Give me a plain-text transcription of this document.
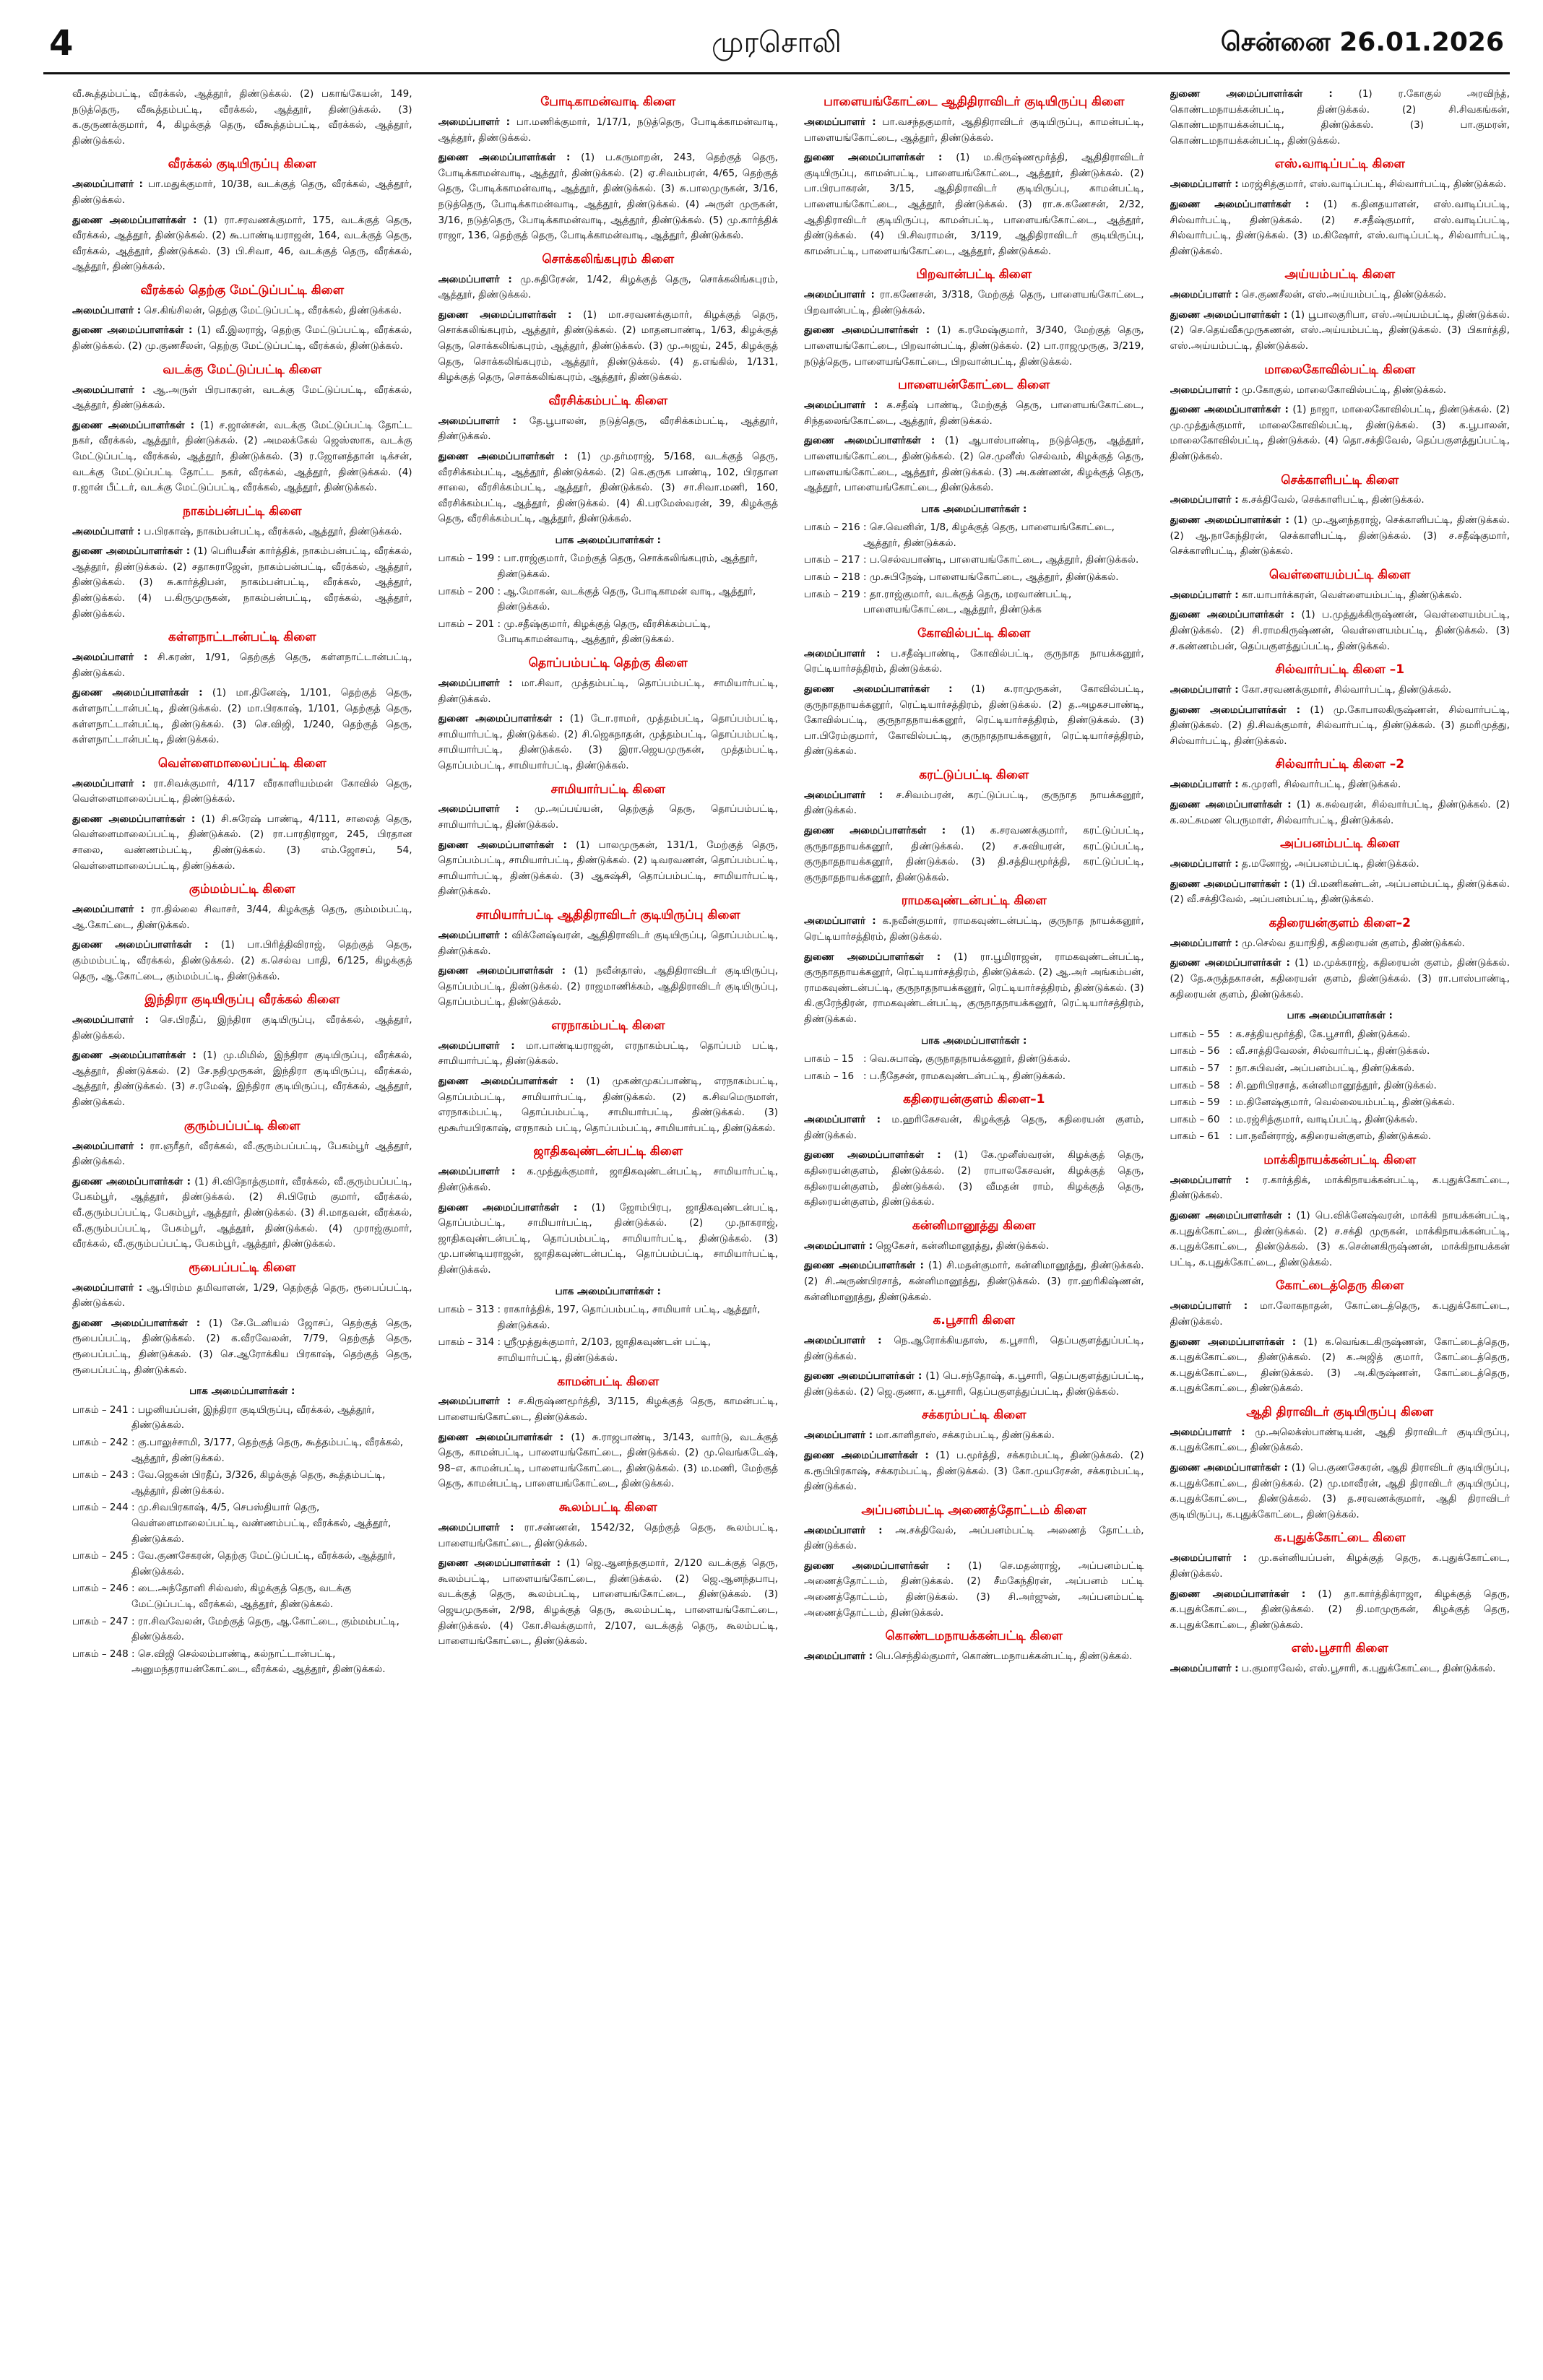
4	முரசொலி	சென்னை 26.01.2026

வீ.கூத்தம்பட்டி, வீரக்கல், ஆத்தூர், திண்டுக்கல். (2) பகாங்கேயன், 149, நடுத்தெரு, வீகூத்தம்பட்டி, வீரக்கல், ஆத்தூர், திண்டுக்கல். (3) க.குருணக்குமார், 4, கிழக்குத் தெரு, வீகூத்தம்பட்டி, வீரக்கல், ஆத்தூர், திண்டுக்கல்.

வீரக்கல் குடியிருப்பு கிளை

அமைப்பாளர் : பா.மதுக்குமார், 10/38, வடக்குத் தெரு, வீரக்கல், ஆத்தூர், திண்டுக்கல்.

துணை அமைப்பாளர்கள் : (1) ரா.சரவணக்குமார், 175, வடக்குத் தெரு, வீரக்கல், ஆத்தூர், திண்டுக்கல். (2) கூ.பாண்டியராஜன், 164, வடக்குத் தெரு, வீரக்கல், ஆத்தூர், திண்டுக்கல். (3) பி.சிவா, 46, வடக்குத் தெரு, வீரக்கல், ஆத்தூர், திண்டுக்கல்.

வீரக்கல் தெற்கு மேட்டுப்பட்டி கிளை

அமைப்பாளர் : செ.கிங்சிலன், தெற்கு மேட்டுப்பட்டி, வீரக்கல், திண்டுக்கல்.

துணை அமைப்பாளர்கள் : (1) வீ.இலராஜ், தெற்கு மேட்டுப்பட்டி, வீரக்கல், திண்டுக்கல். (2) மு.குணசீலன், தெற்கு மேட்டுப்பட்டி, வீரக்கல், திண்டுக்கல்.

வடக்கு மேட்டுப்பட்டி கிளை

அமைப்பாளர் : ஆ.அருள் பிரபாகரன், வடக்கு மேட்டுப்பட்டி, வீரக்கல், ஆத்தூர், திண்டுக்கல்.

துணை அமைப்பாளர்கள் : (1) ச.ஜான்சன், வடக்கு மேட்டுப்பட்டி தோட்ட நகர், வீரக்கல், ஆத்தூர், திண்டுக்கல். (2) அமலக்கேல் ஜெஸ்ஸாக, வடக்கு மேட்டுப்பட்டி, வீரக்கல், ஆத்தூர், திண்டுக்கல். (3) ர.ஜோனத்தான் டிக்சன், வடக்கு மேட்டுப்பட்டி தோட்ட நகர், வீரக்கல், ஆத்தூர், திண்டுக்கல். (4) ர.ஜான் பீட்டர், வடக்கு மேட்டுப்பட்டி, வீரக்கல், ஆத்தூர், திண்டுக்கல்.

நாகம்பன்பட்டி கிளை

அமைப்பாளர் : ப.பிரகாஷ், நாகம்பன்பட்டி, வீரக்கல், ஆத்தூர், திண்டுக்கல்.

துணை அமைப்பாளர்கள் : (1) பெரியசீன் கார்த்திக், நாகம்பன்பட்டி, வீரக்கல், ஆத்தூர், திண்டுக்கல். (2) சதாசுராஜேன், நாகம்பன்பட்டி, வீரக்கல், ஆத்தூர், திண்டுக்கல். (3) சு.கார்த்திபன், நாகம்பன்பட்டி, வீரக்கல், ஆத்தூர், திண்டுக்கல். (4) ப.கிருமுருகன், நாகம்பன்பட்டி, வீரக்கல், ஆத்தூர், திண்டுக்கல்.

கள்ளநாட்டான்பட்டி கிளை

அமைப்பாளர் : சி.கரண், 1/91, தெற்குத் தெரு, கள்ளநாட்டான்பட்டி, திண்டுக்கல்.

துணை அமைப்பாளர்கள் : (1) மா.தினேஷ், 1/101, தெற்குத் தெரு, கள்ளநாட்டான்பட்டி, திண்டுக்கல். (2) மா.பிரகாஷ், 1/101, தெற்குத் தெரு, கள்ளநாட்டான்பட்டி, திண்டுக்கல். (3) செ.விஜி, 1/240, தெற்குத் தெரு, கள்ளநாட்டான்பட்டி, திண்டுக்கல்.

வெள்ளைமாலைப்பட்டி கிளை

அமைப்பாளர் : ரா.சிவக்குமார், 4/117 வீரகாளியம்மன் கோவில் தெரு, வெள்ளைமாலைப்பட்டி, திண்டுக்கல்.

துணை அமைப்பாளர்கள் : (1) சி.சுரேஷ் பாண்டி, 4/111, சாலைத் தெரு, வெள்ளைமாலைப்பட்டி, திண்டுக்கல். (2) ரா.பாரதிராஜா, 245, பிரதான சாலை, வண்ணம்பட்டி, திண்டுக்கல். (3) எம்.ஜோசப், 54, வெள்ளைமாலைப்பட்டி, திண்டுக்கல்.

கும்மம்பட்டி கிளை

அமைப்பாளர் : ரா.தில்லை சிவாசர், 3/44, கிழக்குத் தெரு, கும்மம்பட்டி, ஆ.கோட்டை, திண்டுக்கல்.

துணை அமைப்பாளர்கள் : (1) பா.பிரித்திவிராஜ், தெற்குத் தெரு, கும்மம்பட்டி, வீரக்கல், திண்டுக்கல். (2) க.செல்வ பாதி, 6/125, கிழக்குத் தெரு, ஆ.கோட்டை, கும்மம்பட்டி, திண்டுக்கல்.

இந்திரா குடியிருப்பு வீரக்கல் கிளை

அமைப்பாளர் : செ.பிரதீப், இந்திரா குடியிருப்பு, வீரக்கல், ஆத்தூர், திண்டுக்கல்.

துணை அமைப்பாளர்கள் : (1) மு.மிமில், இந்திரா குடியிருப்பு, வீரக்கல், ஆத்தூர், திண்டுக்கல். (2) சே.நதிமுருகன், இந்திரா குடியிருப்பு, வீரக்கல், ஆத்தூர், திண்டுக்கல். (3) ச.ரமேஷ், இந்திரா குடியிருப்பு, வீரக்கல், ஆத்தூர், திண்டுக்கல்.

குரும்பப்பட்டி கிளை

அமைப்பாளர் : ரா.ஞரீதர், வீரக்கல், வீ.குரும்பப்பட்டி, பேகம்பூர் ஆத்தூர், திண்டுக்கல்.

துணை அமைப்பாளர்கள் : (1) சி.விநோத்குமார், வீரக்கல், வீ.குரும்பப்பட்டி, பேகம்பூர், ஆத்தூர், திண்டுக்கல். (2) சி.பிரேம் குமார், வீரக்கல், வீ.குரும்பப்பட்டி, பேகம்பூர், ஆத்தூர், திண்டுக்கல். (3) சி.மாதவன், வீரக்கல், வீ.குரும்பப்பட்டி, பேகம்பூர், ஆத்தூர், திண்டுக்கல். (4) முராஜ்குமார், வீரக்கல், வீ.குரும்பப்பட்டி, பேகம்பூர், ஆத்தூர், திண்டுக்கல்.

ரூபைப்பட்டி கிளை

அமைப்பாளர் : ஆ.பிரம்ம தமிவாளன், 1/29, தெற்குத் தெரு, ரூபைப்பட்டி, திண்டுக்கல்.

துணை அமைப்பாளர்கள் : (1) சே.டேனியல் ஜோசப், தெற்குத் தெரு, ரூபைப்பட்டி, திண்டுக்கல். (2) க.வீரவேலன், 7/79, தெற்குத் தெரு, ரூபைப்பட்டி, திண்டுக்கல். (3) செ.ஆரோக்கிய பிரகாஷ், தெற்குத் தெரு, ரூபைப்பட்டி, திண்டுக்கல்.

பாக அமைப்பாளர்கள் :
பாகம் – 241 : பழனியப்பன், இந்திரா குடியிருப்பு, வீரக்கல், ஆத்தூர், திண்டுக்கல்.
பாகம் – 242 : கு.பாலுச்சாமி, 3/177, தெற்குத் தெரு, கூத்தம்பட்டி, வீரக்கல், ஆத்தூர், திண்டுக்கல்.
பாகம் – 243 : வே.ஜெகன் பிரதீப், 3/326, கிழக்குத் தெரு, கூத்தம்பட்டி, ஆத்தூர், திண்டுக்கல்.
பாகம் – 244 : மு.சிவபிரகாஷ், 4/5, செபஸ்தியார் தெரு, வெள்ளைமாலைப்பட்டி, வண்ணம்பட்டி, வீரக்கல், ஆத்தூர், திண்டுக்கல்.
பாகம் – 245 : வே.குணசேகரன், தெற்கு மேட்டுப்பட்டி, வீரக்கல், ஆத்தூர், திண்டுக்கல்.
பாகம் – 246 : டை.அந்தோனி சில்வஸ், கிழக்குத் தெரு, வடக்கு மேட்டுப்பட்டி, வீரக்கல், ஆத்தூர், திண்டுக்கல்.
பாகம் – 247 : ரா.சிவவேலன், மேற்குத் தெரு, ஆ.கோட்டை, கும்மம்பட்டி, திண்டுக்கல்.
பாகம் – 248 : செ.விஜி செல்லம்பாண்டி, கல்நாட்டான்பட்டி, அனுமந்தராயன்கோட்டை, வீரக்கல், ஆத்தூர், திண்டுக்கல்.
போடிகாமன்வாடி கிளை

அமைப்பாளர் : பா.மணிக்குமார், 1/17/1, நடுத்தெரு, போடிக்காமன்வாடி, ஆத்தூர், திண்டுக்கல்.

துணை அமைப்பாளர்கள் : (1) ப.கருமாறன், 243, தெற்குத் தெரு, போடிக்காமன்வாடி, ஆத்தூர், திண்டுக்கல். (2) ஏ.சிவம்பரன், 4/65, தெற்குத் தெரு, போடிக்காமன்வாடி, ஆத்தூர், திண்டுக்கல். (3) சு.பாலமுருகன், 3/16, நடுத்தெரு, போடிக்காமன்வாடி, ஆத்தூர், திண்டுக்கல். (4) அருள் முருகன், 3/16, நடுத்தெரு, போடிக்காமன்வாடி, ஆத்தூர், திண்டுக்கல். (5) மு.கார்த்திக் ராஜா, 136, தெற்குத் தெரு, போடிக்காமன்வாடி, ஆத்தூர், திண்டுக்கல்.

சொக்கலிங்கபுரம் கிளை

அமைப்பாளர் : மு.சுதிரேசன், 1/42, கிழக்குத் தெரு, சொக்கலிங்கபுரம், ஆத்தூர், திண்டுக்கல்.

துணை அமைப்பாளர்கள் : (1) மா.சரவணக்குமார், கிழக்குத் தெரு, சொக்கலிங்கபுரம், ஆத்தூர், திண்டுக்கல். (2) மாதனபாண்டி, 1/63, கிழக்குத் தெரு, சொக்கலிங்கபுரம், ஆத்தூர், திண்டுக்கல். (3) மு.அஜய், 245, கிழக்குத் தெரு, சொக்கலிங்கபுரம், ஆத்தூர், திண்டுக்கல். (4) த.எங்கில், 1/131, கிழக்குத் தெரு, சொக்கலிங்கபுரம், ஆத்தூர், திண்டுக்கல்.

வீரசிக்கம்பட்டி கிளை

அமைப்பாளர் : தே.பூபாலன், நடுத்தெரு, வீரசிக்கம்பட்டி, ஆத்தூர், திண்டுக்கல்.

துணை அமைப்பாளர்கள் : (1) மு.தர்மராஜ், 5/168, வடக்குத் தெரு, வீரசிக்கம்பட்டி, ஆத்தூர், திண்டுக்கல். (2) கெ.குருக பாண்டி, 102, பிரதான சாலை, வீரசிக்கம்பட்டி, ஆத்தூர், திண்டுக்கல். (3) சா.சிவா.மணி, 160, வீரசிக்கம்பட்டி, ஆத்தூர், திண்டுக்கல். (4) கி.பரமேஸ்வரன், 39, கிழக்குத் தெரு, வீரசிக்கம்பட்டி, ஆத்தூர், திண்டுக்கல்.

பாக அமைப்பாளர்கள் :
பாகம் – 199 : பா.ராஜ்குமார், மேற்குத் தெரு, சொக்கலிங்கபுரம், ஆத்தூர், திண்டுக்கல்.
பாகம் – 200 : ஆ.மோகன், வடக்குத் தெரு, போடிகாமன் வாடி, ஆத்தூர், திண்டுக்கல்.
பாகம் – 201 : மு.சதீஷ்குமார், கிழக்குத் தெரு, வீரசிக்கம்பட்டி, போடிகாமன்வாடி, ஆத்தூர், திண்டுக்கல்.
தொப்பம்பட்டி தெற்கு கிளை

அமைப்பாளர் : மா.சிவா, முத்தம்பட்டி, தொப்பம்பட்டி, சாமியார்பட்டி, திண்டுக்கல்.

துணை அமைப்பாளர்கள் : (1) டோ.ராமர், முத்தம்பட்டி, தொப்பம்பட்டி, சாமியார்பட்டி, திண்டுக்கல். (2) சி.ஜெகநாதன், முத்தம்பட்டி, தொப்பம்பட்டி, சாமியார்பட்டி, திண்டுக்கல். (3) இரா.ஜெயமுருகன், முத்தம்பட்டி, தொப்பம்பட்டி, சாமியார்பட்டி, திண்டுக்கல்.

சாமியார்பட்டி கிளை

அமைப்பாளர் : மு.அப்பய்யன், தெற்குத் தெரு, தொப்பம்பட்டி, சாமியார்பட்டி, திண்டுக்கல்.

துணை அமைப்பாளர்கள் : (1) பாலமுருகன், 131/1, மேற்குத் தெரு, தொப்பம்பட்டி, சாமியார்பட்டி, திண்டுக்கல். (2) டிவரவணன், தொப்பம்பட்டி, சாமியார்பட்டி, திண்டுக்கல். (3) ஆசுஷ்சி, தொப்பம்பட்டி, சாமியார்பட்டி, திண்டுக்கல்.

சாமியார்பட்டி ஆதிதிராவிடர் குடியிருப்பு கிளை

அமைப்பாளர் : விக்னேஷ்வரன், ஆதிதிராவிடர் குடியிருப்பு, தொப்பம்பட்டி, திண்டுக்கல்.

துணை அமைப்பாளர்கள் : (1) நவீன்தாஸ், ஆதிதிராவிடர் குடியிருப்பு, தொப்பம்பட்டி, திண்டுக்கல். (2) ராஜமாணிக்கம், ஆதிதிராவிடர் குடியிருப்பு, தொப்பம்பட்டி, திண்டுக்கல்.

எரநாகம்பட்டி கிளை

அமைப்பாளர் : மா.பாண்டியராஜன், எரநாகம்பட்டி, தொப்பம் பட்டி, சாமியார்பட்டி, திண்டுக்கல்.

துணை அமைப்பாளர்கள் : (1) முகண்முகப்பாண்டி, எரநாகம்பட்டி, தொப்பம்பட்டி, சாமியார்பட்டி, திண்டுக்கல். (2) க.சிவமெருமாள், எரநாகம்பட்டி, தொப்பம்பட்டி, சாமியார்பட்டி, திண்டுக்கல். (3) மூகூர்யபிரகாஷ், எரநாகம் பட்டி, தொப்பம்பட்டி, சாமியார்பட்டி, திண்டுக்கல்.

ஜாதிகவுண்டன்பட்டி கிளை

அமைப்பாளர் : க.முத்துக்குமார், ஜாதிகவுண்டன்பட்டி, சாமியார்பட்டி, திண்டுக்கல்.

துணை அமைப்பாளர்கள் : (1) ஜோம்பிரபு, ஜாதிகவுண்டன்பட்டி, தொப்பம்பட்டி, சாமியார்பட்டி, திண்டுக்கல். (2) மு.நாகராஜ், ஜாதிகவுண்டன்பட்டி, தொப்பம்பட்டி, சாமியார்பட்டி, திண்டுக்கல். (3) மு.பாண்டியராஜன், ஜாதிகவுண்டன்பட்டி, தொப்பம்பட்டி, சாமியார்பட்டி, திண்டுக்கல்.

பாக அமைப்பாளர்கள் :
பாகம் – 313 : ராகார்த்திக், 197, தொப்பம்பட்டி, சாமியார் பட்டி, ஆத்தூர், திண்டுக்கல்.
பாகம் – 314 : ஸ்ரீமுத்துக்குமார், 2/103, ஜாதிகவுண்டன் பட்டி, சாமியார்பட்டி, திண்டுக்கல்.
காமன்பட்டி கிளை

அமைப்பாளர் : ச.கிருஷ்ணமூர்த்தி, 3/115, கிழக்குத் தெரு, காமன்பட்டி, பாளையங்கோட்டை, திண்டுக்கல்.

துணை அமைப்பாளர்கள் : (1) சு.ராஜபாண்டி, 3/143, வார்டு, வடக்குத் தெரு, காமன்பட்டி, பாளையங்கோட்டை, திண்டுக்கல். (2) மு.வெங்கடேஷ், 98–எ, காமன்பட்டி, பாளையங்கோட்டை, திண்டுக்கல். (3) ம.மணி, மேற்குத் தெரு, காமன்பட்டி, பாளையங்கோட்டை, திண்டுக்கல்.

கூலம்பட்டி கிளை

அமைப்பாளர் : ரா.சண்ணன், 1542/32, தெற்குத் தெரு, கூலம்பட்டி, பாளையங்கோட்டை, திண்டுக்கல்.

துணை அமைப்பாளர்கள் : (1) ஜெ.ஆனந்தகுமார், 2/120 வடக்குத் தெரு, கூலம்பட்டி, பாளையங்கோட்டை, திண்டுக்கல். (2) ஜெ.ஆனந்தபாபு, வடக்குத் தெரு, கூலம்பட்டி, பாளையங்கோட்டை, திண்டுக்கல். (3) ஜெயமுருகன், 2/98, கிழக்குத் தெரு, கூலம்பட்டி, பாளையங்கோட்டை, திண்டுக்கல். (4) கோ.சிவக்குமார், 2/107, வடக்குத் தெரு, கூலம்பட்டி, பாளையங்கோட்டை, திண்டுக்கல்.

பாளையங்கோட்டை ஆதிதிராவிடர் குடியிருப்பு கிளை

அமைப்பாளர் : பா.வசந்தகுமார், ஆதிதிராவிடர் குடியிருப்பு, காமன்பட்டி, பாளையங்கோட்டை, ஆத்தூர், திண்டுக்கல்.

துணை அமைப்பாளர்கள் : (1) ம.கிருஷ்ணமூர்த்தி, ஆதிதிராவிடர் குடியிருப்பு, காமன்பட்டி, பாளையங்கோட்டை, ஆத்தூர், திண்டுக்கல். (2) பா.பிரபாகரன், 3/15, ஆதிதிராவிடர் குடியிருப்பு, காமன்பட்டி, பாளையங்கோட்டை, ஆத்தூர், திண்டுக்கல். (3) ரா.சு.கணேசன், 2/32, ஆதிதிராவிடர் குடியிருப்பு, காமன்பட்டி, பாளையங்கோட்டை, ஆத்தூர், திண்டுக்கல். (4) பி.சிவராமன், 3/119, ஆதிதிராவிடர் குடியிருப்பு, காமன்பட்டி, பாளையங்கோட்டை, ஆத்தூர், திண்டுக்கல்.

பிறவான்பட்டி கிளை

அமைப்பாளர் : ரா.கணேசன், 3/318, மேற்குத் தெரு, பாளையங்கோட்டை, பிறவான்பட்டி, திண்டுக்கல்.

துணை அமைப்பாளர்கள் : (1) க.ரமேஷ்குமார், 3/340, மேற்குத் தெரு, பாளையங்கோட்டை, பிறவான்பட்டி, திண்டுக்கல். (2) பா.ராஜமுருகு, 3/219, நடுத்தெரு, பாளையங்கோட்டை, பிறவான்பட்டி, திண்டுக்கல்.

பாளையன்கோட்டை கிளை

அமைப்பாளர் : க.சதீஷ் பாண்டி, மேற்குத் தெரு, பாளையங்கோட்டை, சிந்தலைங்கோட்டை, ஆத்தூர், திண்டுக்கல்.

துணை அமைப்பாளர்கள் : (1) ஆபாஸ்பாண்டி, நடுத்தெரு, ஆத்தூர், பாளையங்கோட்டை, திண்டுக்கல். (2) செ.முனீஸ் செல்வம், கிழக்குத் தெரு, பாளையங்கோட்டை, ஆத்தூர், திண்டுக்கல். (3) அ.கண்ணன், கிழக்குத் தெரு, ஆத்தூர், பாளையங்கோட்டை, திண்டுக்கல்.

பாக அமைப்பாளர்கள் :
பாகம் – 216 : செ.வெனின், 1/8, கிழக்குத் தெரு, பாளையங்கோட்டை, ஆத்தூர், திண்டுக்கல்.
பாகம் – 217 : ப.செல்வபாண்டி, பாளையங்கோட்டை, ஆத்தூர், திண்டுக்கல்.
பாகம் – 218 : மு.சுபிநேஷ், பாளையங்கோட்டை, ஆத்தூர், திண்டுக்கல்.
பாகம் – 219 : தா.ராஜ்குமார், வடக்குத் தெரு, மரவாண்பட்டி, பாளையங்கோட்டை, ஆத்தூர், திண்டுக்க
கோவில்பட்டி கிளை

அமைப்பாளர் : ப.சதீஷ்பாண்டி, கோவில்பட்டி, குருநாத நாயக்கனூர், ரெட்டியார்சத்திரம், திண்டுக்கல்.

துணை அமைப்பாளர்கள் : (1) க.ராமுருகன், கோவில்பட்டி, குருநாதநாயக்கனூர், ரெட்டியார்சத்திரம், திண்டுக்கல். (2) த.அழகசபாண்டி, கோவில்பட்டி, குருநாதநாயக்கனூர், ரெட்டியார்சத்திரம், திண்டுக்கல். (3) பா.பிரேம்குமார், கோவில்பட்டி, குருநாதநாயக்கனூர், ரெட்டியார்சத்திரம், திண்டுக்கல்.

கரட்டுப்பட்டி கிளை

அமைப்பாளர் : ச.சிவம்பரன், கரட்டுப்பட்டி, குருநாத நாயக்கனூர், திண்டுக்கல்.

துணை அமைப்பாளர்கள் : (1) க.சரவணக்குமார், கரட்டுப்பட்டி, குருநாதநாயக்கனூர், திண்டுக்கல். (2) ச.சுவியரன், கரட்டுப்பட்டி, குருநாதநாயக்கனூர், திண்டுக்கல். (3) தி.சத்தியமூர்த்தி, கரட்டுப்பட்டி, குருநாதநாயக்கனூர், திண்டுக்கல்.

ராமகவுண்டன்பட்டி கிளை

அமைப்பாளர் : க.நவீன்குமார், ராமகவுண்டன்பட்டி, குருநாத நாயக்கனூர், ரெட்டியார்சத்திரம், திண்டுக்கல்.

துணை அமைப்பாளர்கள் : (1) ரா.பூமிராஜன், ராமகவுண்டன்பட்டி, குருநாதநாயக்கனூர், ரெட்டியார்சத்திரம், திண்டுக்கல். (2) ஆ.அர் அங்கம்பன், ராமகவுண்டன்பட்டி, குருநாதநாயக்கனூர், ரெட்டியார்சத்திரம், திண்டுக்கல். (3) கி.குரேந்திரன், ராமகவுண்டன்பட்டி, குருநாதநாயக்கனூர், ரெட்டியார்சத்திரம், திண்டுக்கல்.

பாக அமைப்பாளர்கள் :
பாகம் – 15 : வெ.சுபாஷ், குருநாதநாயக்கனூர், திண்டுக்கல்.
பாகம் – 16 : ப.நீதேசன், ராமகவுண்டன்பட்டி, திண்டுக்கல்.
கதிரையன்குளம் கிளை–1

அமைப்பாளர் : ம.ஹரிகேசவன், கிழக்குத் தெரு, கதிரையன் குளம், திண்டுக்கல்.

துணை அமைப்பாளர்கள் : (1) கே.முனீஸ்வரன், கிழக்குத் தெரு, கதிரையன்குளம், திண்டுக்கல். (2) ராபாலகேசவன், கிழக்குத் தெரு, கதிரையன்குளம், திண்டுக்கல். (3) வீமதன் ராம், கிழக்குத் தெரு, கதிரையன்குளம், திண்டுக்கல்.

கன்னிமானூத்து கிளை

அமைப்பாளர் : ஜெகேசர், கன்னிமானூத்து, திண்டுக்கல்.

துணை அமைப்பாளர்கள் : (1) சி.மதன்குமார், கன்னிமானூத்து, திண்டுக்கல். (2) சி.அருண்பிரசாத், கன்னிமானூத்து, திண்டுக்கல். (3) ரா.ஹரிகிஷ்ணன், கன்னிமானூத்து, திண்டுக்கல்.

க.பூசாரி கிளை

அமைப்பாளர் : நெ.ஆரோக்கியதாஸ், க.பூசாரி, தெப்பகுளத்துப்பட்டி, திண்டுக்கல்.

துணை அமைப்பாளர்கள் : (1) பெ.சந்தோஷ், க.பூசாரி, தெப்பகுளத்துப்பட்டி, திண்டுக்கல். (2) ஜெ.குணா, க.பூசாரி, தெப்பகுளத்துப்பட்டி, திண்டுக்கல்.

சக்கரம்பட்டி கிளை

அமைப்பாளர் : மா.காளிதாஸ், சக்கரம்பட்டி, திண்டுக்கல்.

துணை அமைப்பாளர்கள் : (1) ப.மூர்த்தி, சக்கரம்பட்டி, திண்டுக்கல். (2) க.ரூபிபிரகாஷ், சக்கரம்பட்டி, திண்டுக்கல். (3) கோ.முயரேசன், சக்கரம்பட்டி, திண்டுக்கல்.

அப்பனம்பட்டி அணைத்தோட்டம் கிளை

அமைப்பாளர் : அ.சக்திவேல், அப்பனம்பட்டி அணைத் தோட்டம், திண்டுக்கல்.

துணை அமைப்பாளர்கள் : (1) செ.மதன்ராஜ், அப்பனம்பட்டி அணைத்தோட்டம், திண்டுக்கல். (2) சீமகேந்திரன், அப்பனம் பட்டி அணைத்தோட்டம், திண்டுக்கல். (3) சி.அர்ஜுன், அப்பனம்பட்டி அணைத்தோட்டம், திண்டுக்கல்.

கொண்டமநாயக்கன்பட்டி கிளை

அமைப்பாளர் : பெ.செந்தில்குமார், கொண்டமநாயக்கன்பட்டி, திண்டுக்கல்.

துணை அமைப்பாளர்கள் :	(1) ர.கோகுல் அரவிந்த், கொண்டமநாயக்கன்பட்டி, திண்டுக்கல். (2) சி.சிவகங்கன், கொண்டமநாயக்கன்பட்டி, திண்டுக்கல். (3) பா.குமரன், கொண்டமநாயக்கன்பட்டி, திண்டுக்கல்.

எஸ்.வாடிப்பட்டி கிளை

அமைப்பாளர் : மரஜ்சித்குமார், எஸ்.வாடிப்பட்டி, சில்வார்பட்டி, திண்டுக்கல்.

துணை அமைப்பாளர்கள் : (1) க.தினதயாளன், எஸ்.வாடிப்பட்டி, சில்வார்பட்டி, திண்டுக்கல். (2) ச.சதீஷ்குமார், எஸ்.வாடிப்பட்டி, சில்வார்பட்டி, திண்டுக்கல். (3) ம.கிஷோர், எஸ்.வாடிப்பட்டி, சில்வார்பட்டி, திண்டுக்கல்.

அய்யம்பட்டி கிளை

அமைப்பாளர் : செ.குணசீலன், எஸ்.அய்யம்பட்டி, திண்டுக்கல்.

துணை அமைப்பாளர்கள் : (1) பூபாலகுரிபா, எஸ்.அய்யம்பட்டி, திண்டுக்கல். (2) செ.தெய்வீகமுருகணன், எஸ்.அய்யம்பட்டி, திண்டுக்கல். (3) பிகார்த்தி, எஸ்.அய்யம்பட்டி, திண்டுக்கல்.

மாலைகோவில்பட்டி கிளை

அமைப்பாளர் : மு.கோகுல், மாலைகோவில்பட்டி, திண்டுக்கல்.

துணை அமைப்பாளர்கள் : (1) நாஜா, மாலைகோவில்பட்டி, திண்டுக்கல். (2) மு.முத்துக்குமார், மாலைகோவில்பட்டி, திண்டுக்கல். (3) க.பூபாலன், மாலைகோவில்பட்டி, திண்டுக்கல். (4) தொ.சக்திவேல், தெப்பகுளத்துப்பட்டி, திண்டுக்கல்.

செக்காளிபட்டி கிளை

அமைப்பாளர் : க.சக்திவேல், செக்காளிபட்டி, திண்டுக்கல்.

துணை அமைப்பாளர்கள் : (1) மு.ஆனந்தராஜ், செக்காளிபட்டி, திண்டுக்கல். (2) ஆ.நாகேந்திரன், செக்காளிபட்டி, திண்டுக்கல். (3) ச.சதீஷ்குமார், செக்காளிபட்டி, திண்டுக்கல்.

வெள்ளையம்பட்டி கிளை

அமைப்பாளர் : கா.யாபார்க்கரன், வெள்ளையம்பட்டி, திண்டுக்கல்.

துணை அமைப்பாளர்கள் : (1) ப.முத்துக்கிருஷ்ணன், வெள்ளையம்பட்டி, திண்டுக்கல். (2) சி.ராமகிருஷ்ணன், வெள்ளையம்பட்டி, திண்டுக்கல். (3) ச.கண்ணம்பன், தெப்பகுளத்துப்பட்டி, திண்டுக்கல்.

சில்வார்பட்டி கிளை –1

அமைப்பாளர் : கோ.சரவணக்குமார், சில்வார்பட்டி, திண்டுக்கல்.

துணை அமைப்பாளர்கள் : (1) மு.கோபாலகிருஷ்ணன், சில்வார்பட்டி, திண்டுக்கல். (2) தி.சிவக்குமார், சில்வார்பட்டி, திண்டுக்கல். (3) தமரிமுத்து, சில்வார்பட்டி, திண்டுக்கல்.

சில்வார்பட்டி கிளை –2

அமைப்பாளர் : க.முரளி, சில்வார்பட்டி, திண்டுக்கல்.

துணை அமைப்பாளர்கள் : (1) க.சுல்வரன், சில்வார்பட்டி, திண்டுக்கல். (2) க.லட்சுமண பெருமாள், சில்வார்பட்டி, திண்டுக்கல்.

அப்பனம்பட்டி கிளை

அமைப்பாளர் : த.மனோஜ், அப்பனம்பட்டி, திண்டுக்கல்.

துணை அமைப்பாளர்கள் : (1) பி.மணிகண்டன், அப்பனம்பட்டி, திண்டுக்கல். (2) வீ.சக்திவேல், அப்பனம்பட்டி, திண்டுக்கல்.

கதிரையன்குளம் கிளை–2

அமைப்பாளர் : மு.செல்வ தயாநிதி, கதிரையன் குளம், திண்டுக்கல்.

துணை அமைப்பாளர்கள் : (1) ம.முக்கராஜ், கதிரையன் குளம், திண்டுக்கல். (2) தே.சுருத்தகாசன், கதிரையன் குளம், திண்டுக்கல். (3) ரா.பாஸ்பாண்டி, கதிரையன் குளம், திண்டுக்கல்.

பாக அமைப்பாளர்கள் :
பாகம் – 55 : க.சத்தியமூர்த்தி, கே.பூசாரி, திண்டுக்கல்.
பாகம் – 56 : வீ.சாத்திவேலன், சில்வார்பட்டி, திண்டுக்கல்.
பாகம் – 57 : நா.சுபிவன், அப்பனம்பட்டி, திண்டுக்கல்.
பாகம் – 58 : சி.ஹரிபிரசாத், கன்னிமானூத்தூர், திண்டுக்கல்.
பாகம் – 59 : ம.தினேஷ்குமார், வெல்லையம்பட்டி, திண்டுக்கல்.
பாகம் – 60 : ம.ரஜ்சித்குமார், வாடிப்பட்டி, திண்டுக்கல்.
பாகம் – 61 : பா.நவீன்ராஜ், கதிரையன்குளம், திண்டுக்கல்.
மாக்கிநாயக்கன்பட்டி கிளை

அமைப்பாளர் : ர.கார்த்திக், மாக்கிநாயக்கன்பட்டி, க.புதுக்கோட்டை, திண்டுக்கல்.

துணை அமைப்பாளர்கள் : (1) பெ.விக்னேஷ்வரன், மாக்கி நாயக்கன்பட்டி, க.புதுக்கோட்டை, திண்டுக்கல். (2) ச.சக்தி முருகன், மாக்கிநாயக்கன்பட்டி, க.புதுக்கோட்டை, திண்டுக்கல். (3) க.சென்னகிருஷ்ணன், மாக்கிநாயக்கன் பட்டி, க.புதுக்கோட்டை, திண்டுக்கல்.

கோட்டைத்தெரு கிளை

அமைப்பாளர் : மா.லோகநாதன், கோட்டைத்தெரு, க.புதுக்கோட்டை, திண்டுக்கல்.

துணை அமைப்பாளர்கள் : (1) க.வெங்கடகிருஷ்ணன், கோட்டைத்தெரு, க.புதுக்கோட்டை, திண்டுக்கல். (2) க.அஜித் குமார், கோட்டைத்தெரு, க.புதுக்கோட்டை, திண்டுக்கல். (3) அ.கிருஷ்ணன், கோட்டைத்தெரு, க.புதுக்கோட்டை, திண்டுக்கல்.

ஆதி திராவிடர் குடியிருப்பு கிளை

அமைப்பாளர் : மு.அலெக்ஸ்பாண்டியன், ஆதி திராவிடர் குடியிருப்பு, க.புதுக்கோட்டை, திண்டுக்கல்.

துணை அமைப்பாளர்கள் : (1) பெ.குணசேகரன், ஆதி திராவிடர் குடியிருப்பு, க.புதுக்கோட்டை, திண்டுக்கல். (2) மு.மாவீரன், ஆதி திராவிடர் குடியிருப்பு, க.புதுக்கோட்டை, திண்டுக்கல். (3) த.சரவணக்குமார், ஆதி திராவிடர் குடியிருப்பு, க.புதுக்கோட்டை, திண்டுக்கல்.

க.புதுக்கோட்டை கிளை

அமைப்பாளர் : மு.கன்னியப்பன், கிழக்குத் தெரு, க.புதுக்கோட்டை, திண்டுக்கல்.

துணை அமைப்பாளர்கள் : (1) தா.கார்த்திக்ராஜா, கிழக்குத் தெரு, க.புதுக்கோட்டை, திண்டுக்கல். (2) தி.மாமுருகன், கிழக்குத் தெரு, க.புதுக்கோட்டை, திண்டுக்கல்.

எஸ்.பூசாரி கிளை

அமைப்பாளர் : ப.குமாரவேல், எஸ்.பூசாரி, க.புதுக்கோட்டை, திண்டுக்கல்.
